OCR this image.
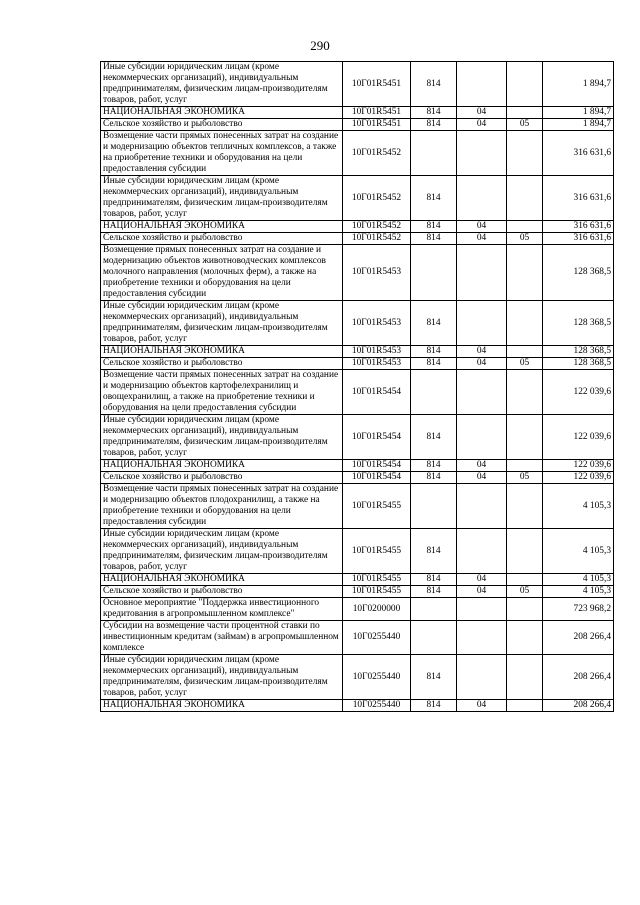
290
Иные субсидии юридическим лицам (кроме некоммерческих организаций), индивидуальным предпринимателям, физическим лицам-производителям товаров, работ, услуг	10Г01R5451	814			1 894,7
НАЦИОНАЛЬНАЯ ЭКОНОМИКА	10Г01R5451	814	04		1 894,7
Сельское хозяйство и рыболовство	10Г01R5451	814	04	05	1 894,7
Возмещение части прямых понесенных затрат на создание и модернизацию объектов тепличных комплексов, а также на приобретение техники и оборудования на цели предоставления субсидии	10Г01R5452				316 631,6
Иные субсидии юридическим лицам (кроме некоммерческих организаций), индивидуальным предпринимателям, физическим лицам-производителям товаров, работ, услуг	10Г01R5452	814			316 631,6
НАЦИОНАЛЬНАЯ ЭКОНОМИКА	10Г01R5452	814	04		316 631,6
Сельское хозяйство и рыболовство	10Г01R5452	814	04	05	316 631,6
Возмещение прямых понесенных затрат на создание и модернизацию объектов животноводческих комплексов молочного направления (молочных ферм), а также на приобретение техники и оборудования на цели предоставления субсидии	10Г01R5453				128 368,5
Иные субсидии юридическим лицам (кроме некоммерческих организаций), индивидуальным предпринимателям, физическим лицам-производителям товаров, работ, услуг	10Г01R5453	814			128 368,5
НАЦИОНАЛЬНАЯ ЭКОНОМИКА	10Г01R5453	814	04		128 368,5
Сельское хозяйство и рыболовство	10Г01R5453	814	04	05	128 368,5
Возмещение части прямых понесенных затрат на создание и модернизацию объектов картофелехранилищ и овощехранилищ, а также на приобретение техники и оборудования на цели предоставления субсидии	10Г01R5454				122 039,6
Иные субсидии юридическим лицам (кроме некоммерческих организаций), индивидуальным предпринимателям, физическим лицам-производителям товаров, работ, услуг	10Г01R5454	814			122 039,6
НАЦИОНАЛЬНАЯ ЭКОНОМИКА	10Г01R5454	814	04		122 039,6
Сельское хозяйство и рыболовство	10Г01R5454	814	04	05	122 039,6
Возмещение части прямых понесенных затрат на создание и модернизацию объектов плодохранилищ, а также на приобретение техники и оборудования на цели предоставления субсидии	10Г01R5455				4 105,3
Иные субсидии юридическим лицам (кроме некоммерческих организаций), индивидуальным предпринимателям, физическим лицам-производителям товаров, работ, услуг	10Г01R5455	814			4 105,3
НАЦИОНАЛЬНАЯ ЭКОНОМИКА	10Г01R5455	814	04		4 105,3
Сельское хозяйство и рыболовство	10Г01R5455	814	04	05	4 105,3
Основное мероприятие "Поддержка инвестиционного кредитования в агропромышленном комплексе"	10Г0200000				723 968,2
Субсидии на возмещение части процентной ставки по инвестиционным кредитам (займам) в агропромышленном комплексе	10Г0255440				208 266,4
Иные субсидии юридическим лицам (кроме некоммерческих организаций), индивидуальным предпринимателям, физическим лицам-производителям товаров, работ, услуг	10Г0255440	814			208 266,4
НАЦИОНАЛЬНАЯ ЭКОНОМИКА	10Г0255440	814	04		208 266,4
